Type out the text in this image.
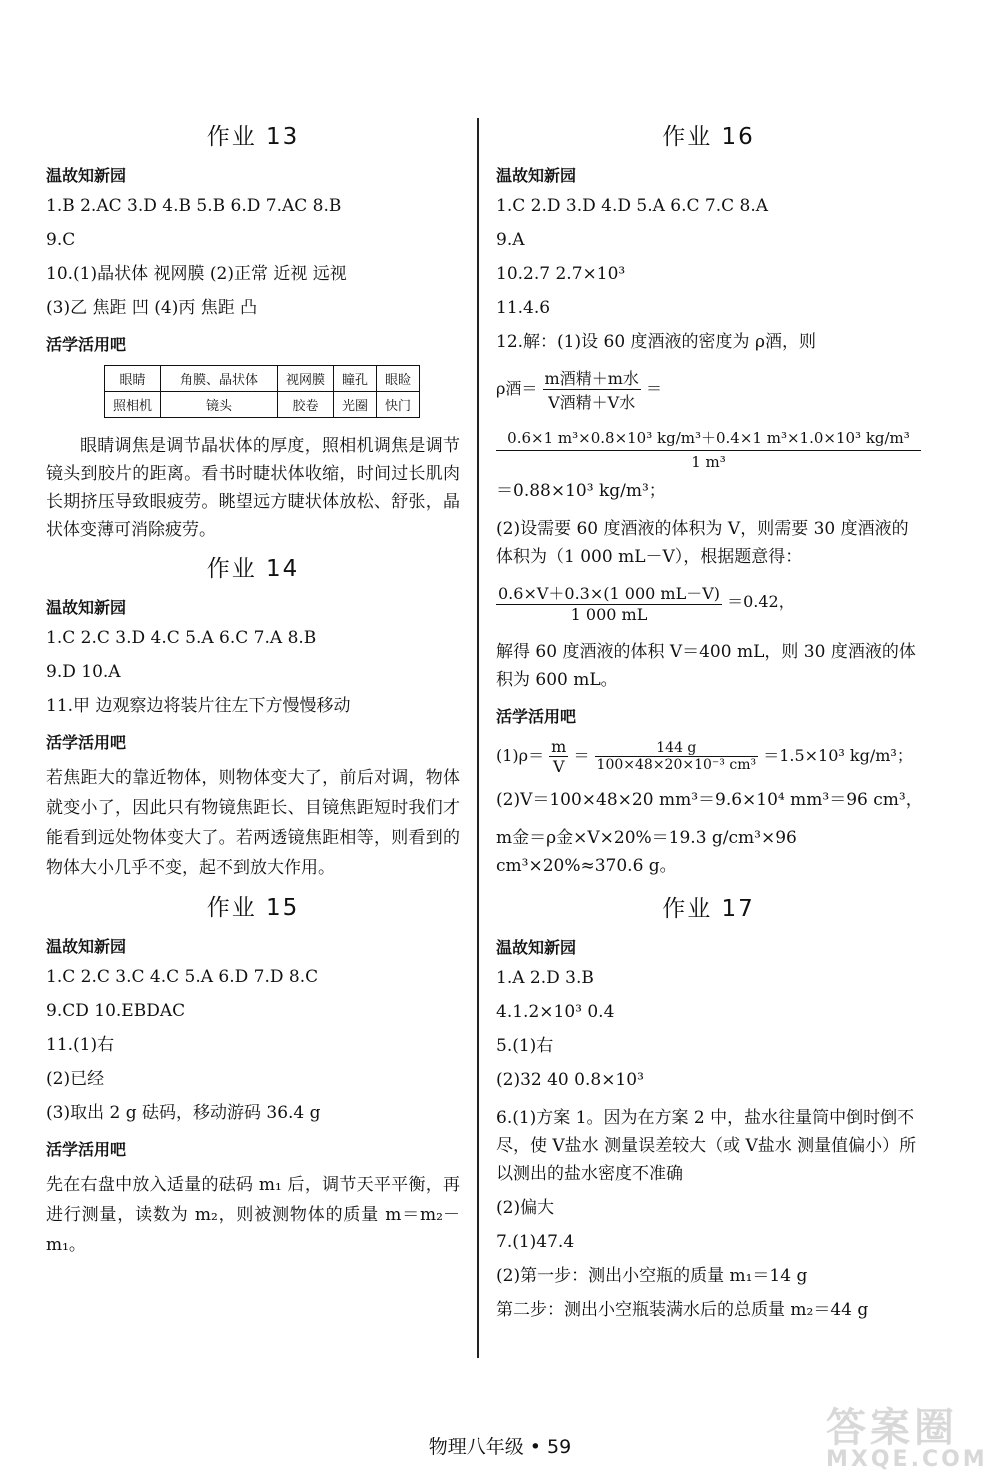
作业 13
温故知新园
1.B 2.AC 3.D 4.B 5.B 6.D 7.AC 8.B
9.C
10.(1)晶状体 视网膜 (2)正常 近视 远视
(3)乙 焦距 凹 (4)丙 焦距 凸
活学活用吧
眼睛	角膜、晶状体	视网膜	瞳孔	眼睑
照相机	镜头	胶卷	光圈	快门
眼睛调焦是调节晶状体的厚度，照相机调焦是调节镜头到胶片的距离。看书时睫状体收缩，时间过长肌肉长期挤压导致眼疲劳。眺望远方睫状体放松、舒张，晶状体变薄可消除疲劳。
作业 14
温故知新园
1.C 2.C 3.D 4.C 5.A 6.C 7.A 8.B
9.D 10.A
11.甲 边观察边将装片往左下方慢慢移动
活学活用吧
若焦距大的靠近物体，则物体变大了，前后对调，物体就变小了，因此只有物镜焦距长、目镜焦距短时我们才能看到远处物体变大了。若两透镜焦距相等，则看到的物体大小几乎不变，起不到放大作用。
作业 15
温故知新园
1.C 2.C 3.C 4.C 5.A 6.D 7.D 8.C
9.CD 10.EBDAC
11.(1)右
(2)已经
(3)取出 2 g 砝码，移动游码 36.4 g
活学活用吧
先在右盘中放入适量的砝码 m₁ 后，调节天平平衡，再进行测量，读数为 m₂，则被测物体的质量 m＝m₂－m₁。
作业 16
温故知新园
1.C 2.D 3.D 4.D 5.A 6.C 7.C 8.A
9.A
10.2.7 2.7×10³
11.4.6
12.解：(1)设 60 度酒液的密度为 ρ酒，则
ρ酒＝ $\frac{\text{m酒精＋m水}}{\text{V酒精＋V水}}$ ＝
0.6×1 m³×0.8×10³ kg/m³＋0.4×1 m³×1.0×10³ kg/m³
1 m³
＝0.88×10³ kg/m³；
(2)设需要 60 度酒液的体积为 V，则需要 30 度酒液的体积为（1 000 mL－V），根据题意得：
$\frac{0.6\times V+0.3\times(1 000 mL-V)}{1 000 mL} =0.42$，
解得 60 度酒液的体积 V＝400 mL，则 30 度酒液的体积为 600 mL。
活学活用吧
$(1)\rho= \frac{m}{V} = \frac{144 g}{\text{100×48×20×10⁻³ cm³}} =1.5\times 10^3$ kg/m³；
(2)V＝100×48×20 mm³＝9.6×10⁴ mm³＝96 cm³，
m金＝ρ金×V×20%＝19.3 g/cm³×96 cm³×20%≈370.6 g。
作业 17
温故知新园
1.A 2.D 3.B
4.1.2×10³ 0.4
5.(1)右
(2)32 40 0.8×10³
6.(1)方案 1。因为在方案 2 中，盐水往量筒中倒时倒不尽，使 V盐水 测量误差较大（或 V盐水 测量值偏小）所以测出的盐水密度不准确
(2)偏大
7.(1)47.4
(2)第一步：测出小空瓶的质量 m₁＝14 g
第二步：测出小空瓶装满水后的总质量 m₂＝44 g
物理八年级 • 59	答案圈
MXQE.COM
